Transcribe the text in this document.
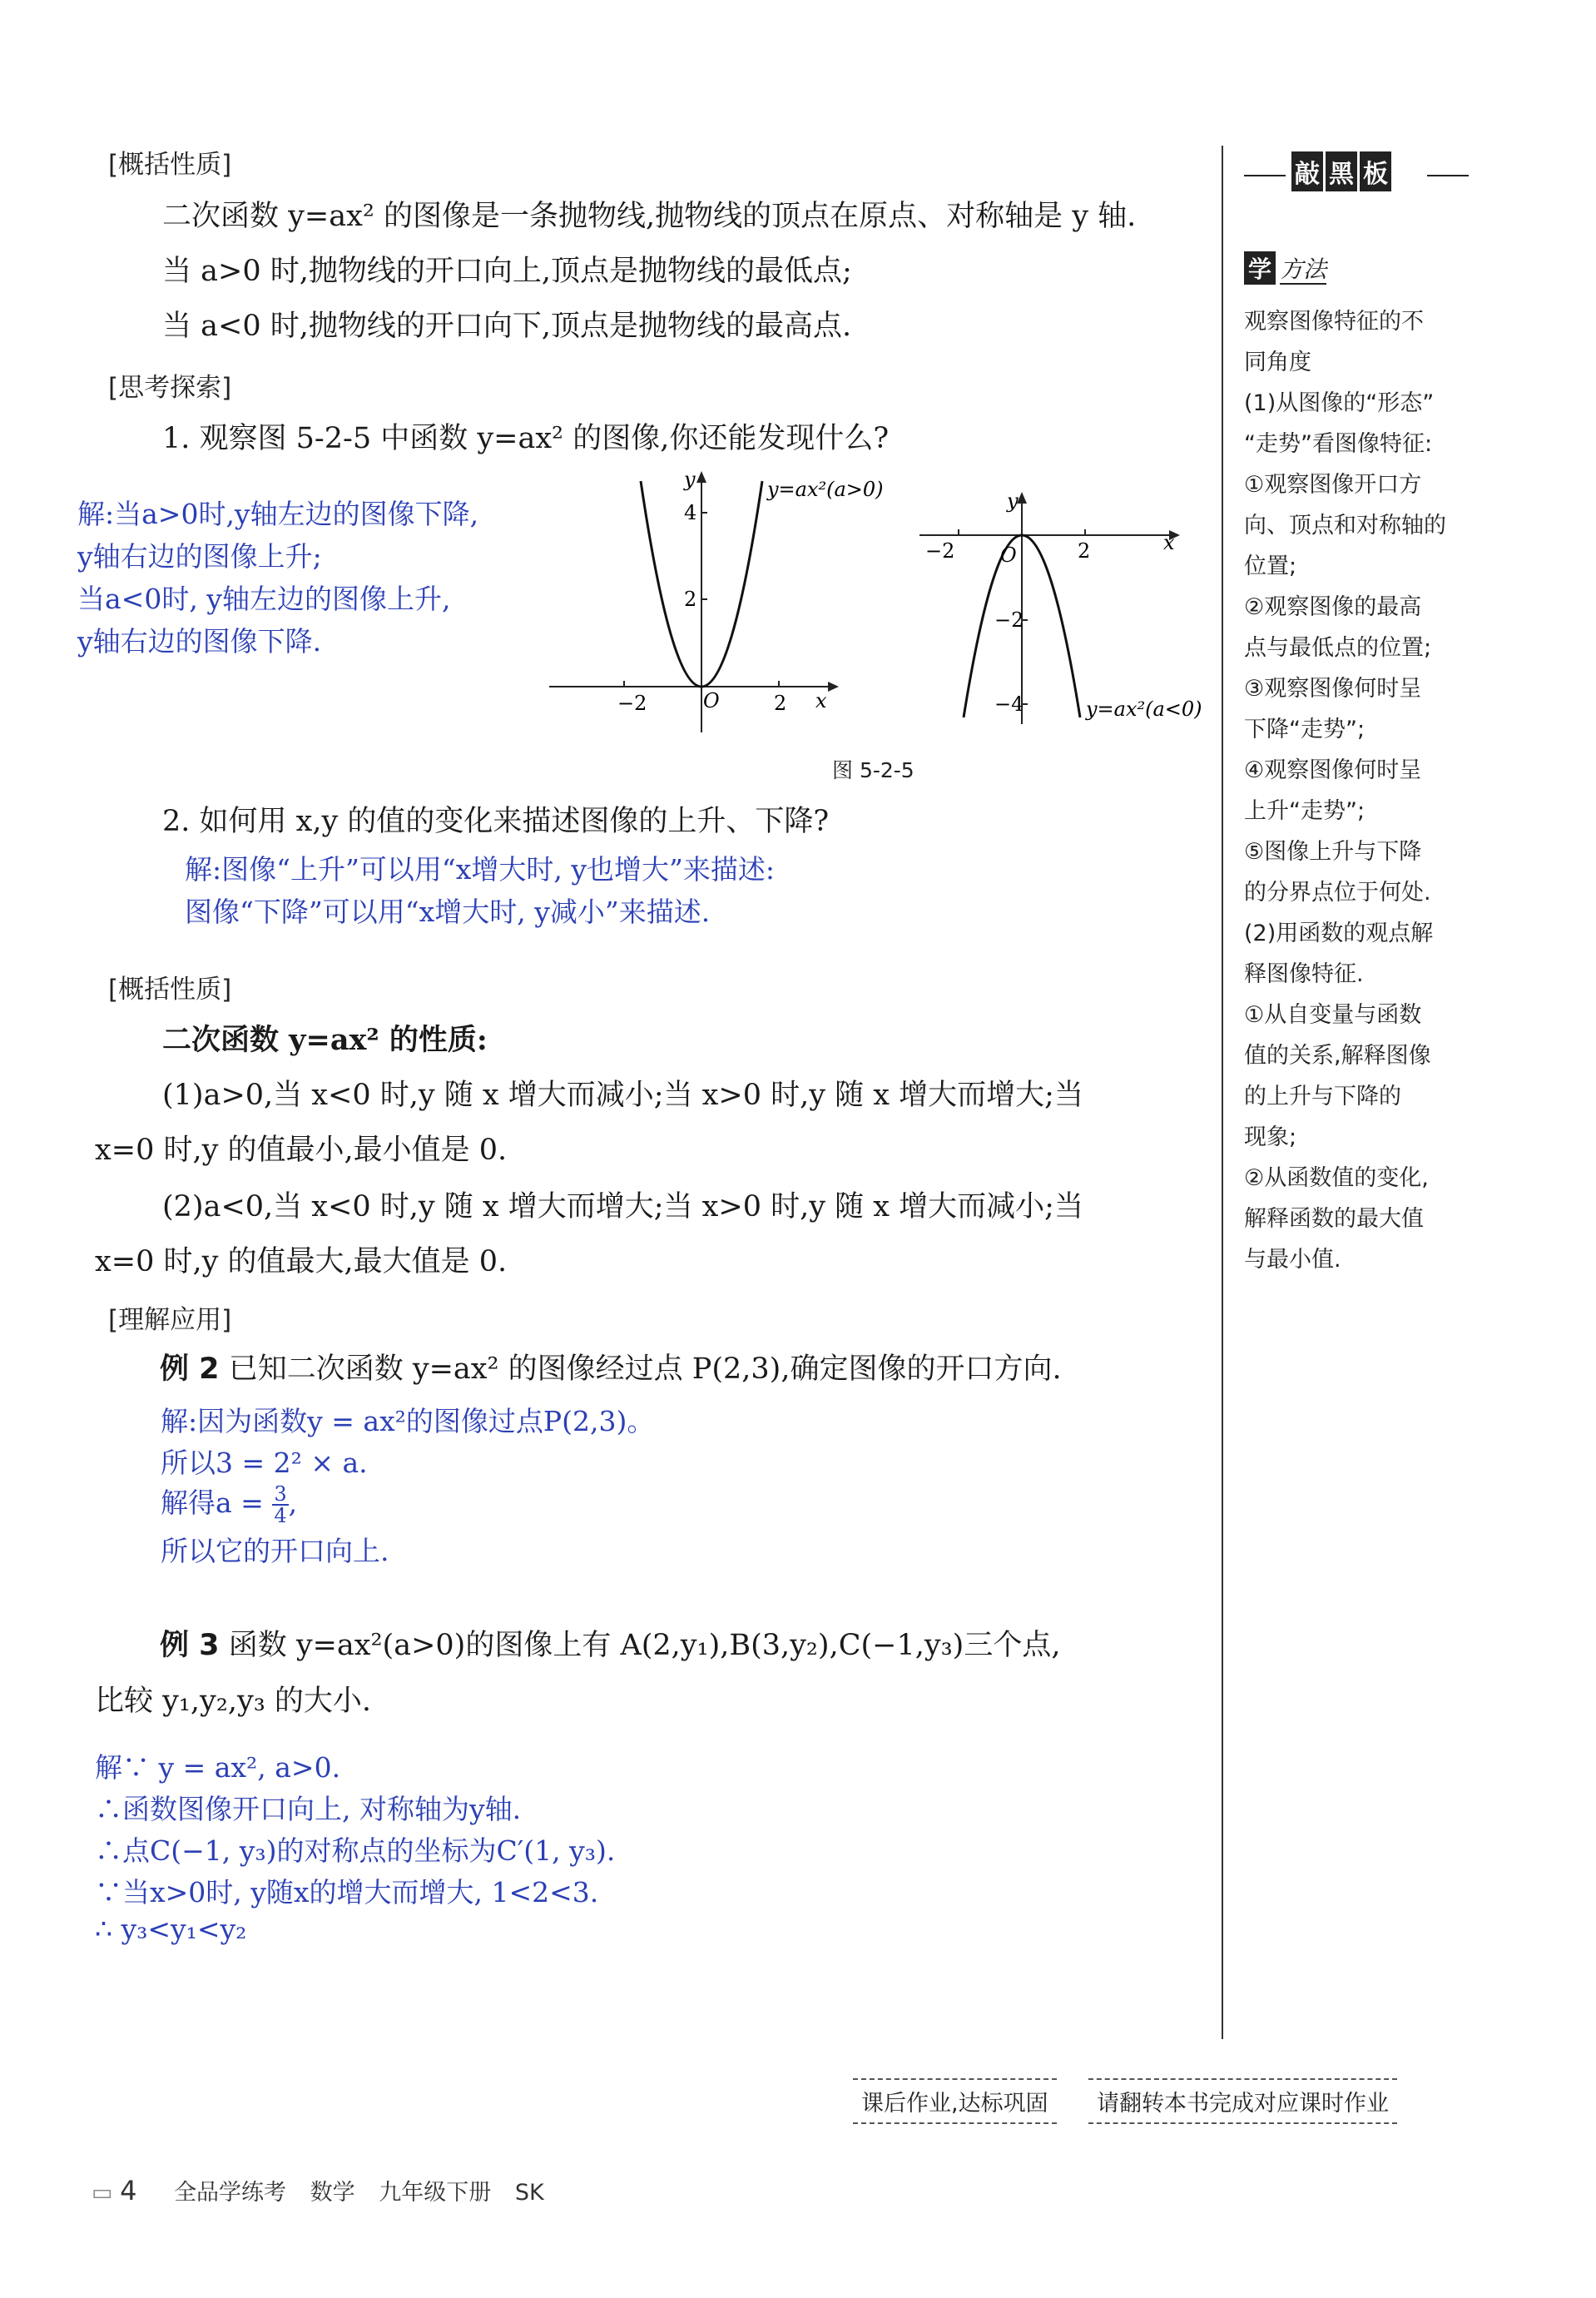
[概括性质]
二次函数 y=ax² 的图像是一条抛物线,抛物线的顶点在原点、对称轴是 y 轴.
当 a>0 时,抛物线的开口向上,顶点是抛物线的最低点;
当 a<0 时,抛物线的开口向下,顶点是抛物线的最高点.
[思考探索]
1. 观察图 5-2-5 中函数 y=ax² 的图像,你还能发现什么?
解:当a>0时,y轴左边的图像下降,
y轴右边的图像上升;
当a<0时, y轴左边的图像上升,
y轴右边的图像下降.
−2	2
2
4
O	x
y	y=ax²(a>0)
−2	2
−2
−4
O
x
y
y=ax²(a<0)
图 5-2-5
2. 如何用 x,y 的值的变化来描述图像的上升、下降?
解:图像“上升”可以用“x增大时, y也增大”来描述:
图像“下降”可以用“x增大时, y减小”来描述.
[概括性质]
二次函数 y=ax² 的性质:
(1)a>0,当 x<0 时,y 随 x 增大而减小;当 x>0 时,y 随 x 增大而增大;当
x=0 时,y 的值最小,最小值是 0.
(2)a<0,当 x<0 时,y 随 x 增大而增大;当 x>0 时,y 随 x 增大而减小;当
x=0 时,y 的值最大,最大值是 0.
[理解应用]
例 2 已知二次函数 y=ax² 的图像经过点 P(2,3),确定图像的开口方向.
解:因为函数y = ax²的图像过点P(2,3)。
所以3 = 2² × a.
解得$a = \frac{3}{4}$ ,
所以它的开口向上.
例 3 函数 y=ax²(a>0)的图像上有 A(2,y₁),B(3,y₂),C(−1,y₃)三个点,
比较 y₁,y₂,y₃ 的大小.
解∵ y = ax², a>0.
∴函数图像开口向上, 对称轴为y轴.
∴点C(−1, y₃)的对称点的坐标为C′(1, y₃).
∵当x>0时, y随x的增大而增大, 1<2<3.
∴ y₃<y₁<y₂
敲 黑 板
学 方法
观察图像特征的不
同角度
(1)从图像的“形态”
“走势”看图像特征:
①观察图像开口方
向、顶点和对称轴的
位置;
②观察图像的最高
点与最低点的位置;
③观察图像何时呈
下降“走势”;
④观察图像何时呈
上升“走势”;
⑤图像上升与下降
的分界点位于何处.
(2)用函数的观点解
释图像特征.
①从自变量与函数
值的关系,解释图像
的上升与下降的
现象;
②从函数值的变化,
解释函数的最大值
与最小值.
课后作业,达标巩固	请翻转本书完成对应课时作业
▭ 4 全品学练考 数学 九年级下册 SK
